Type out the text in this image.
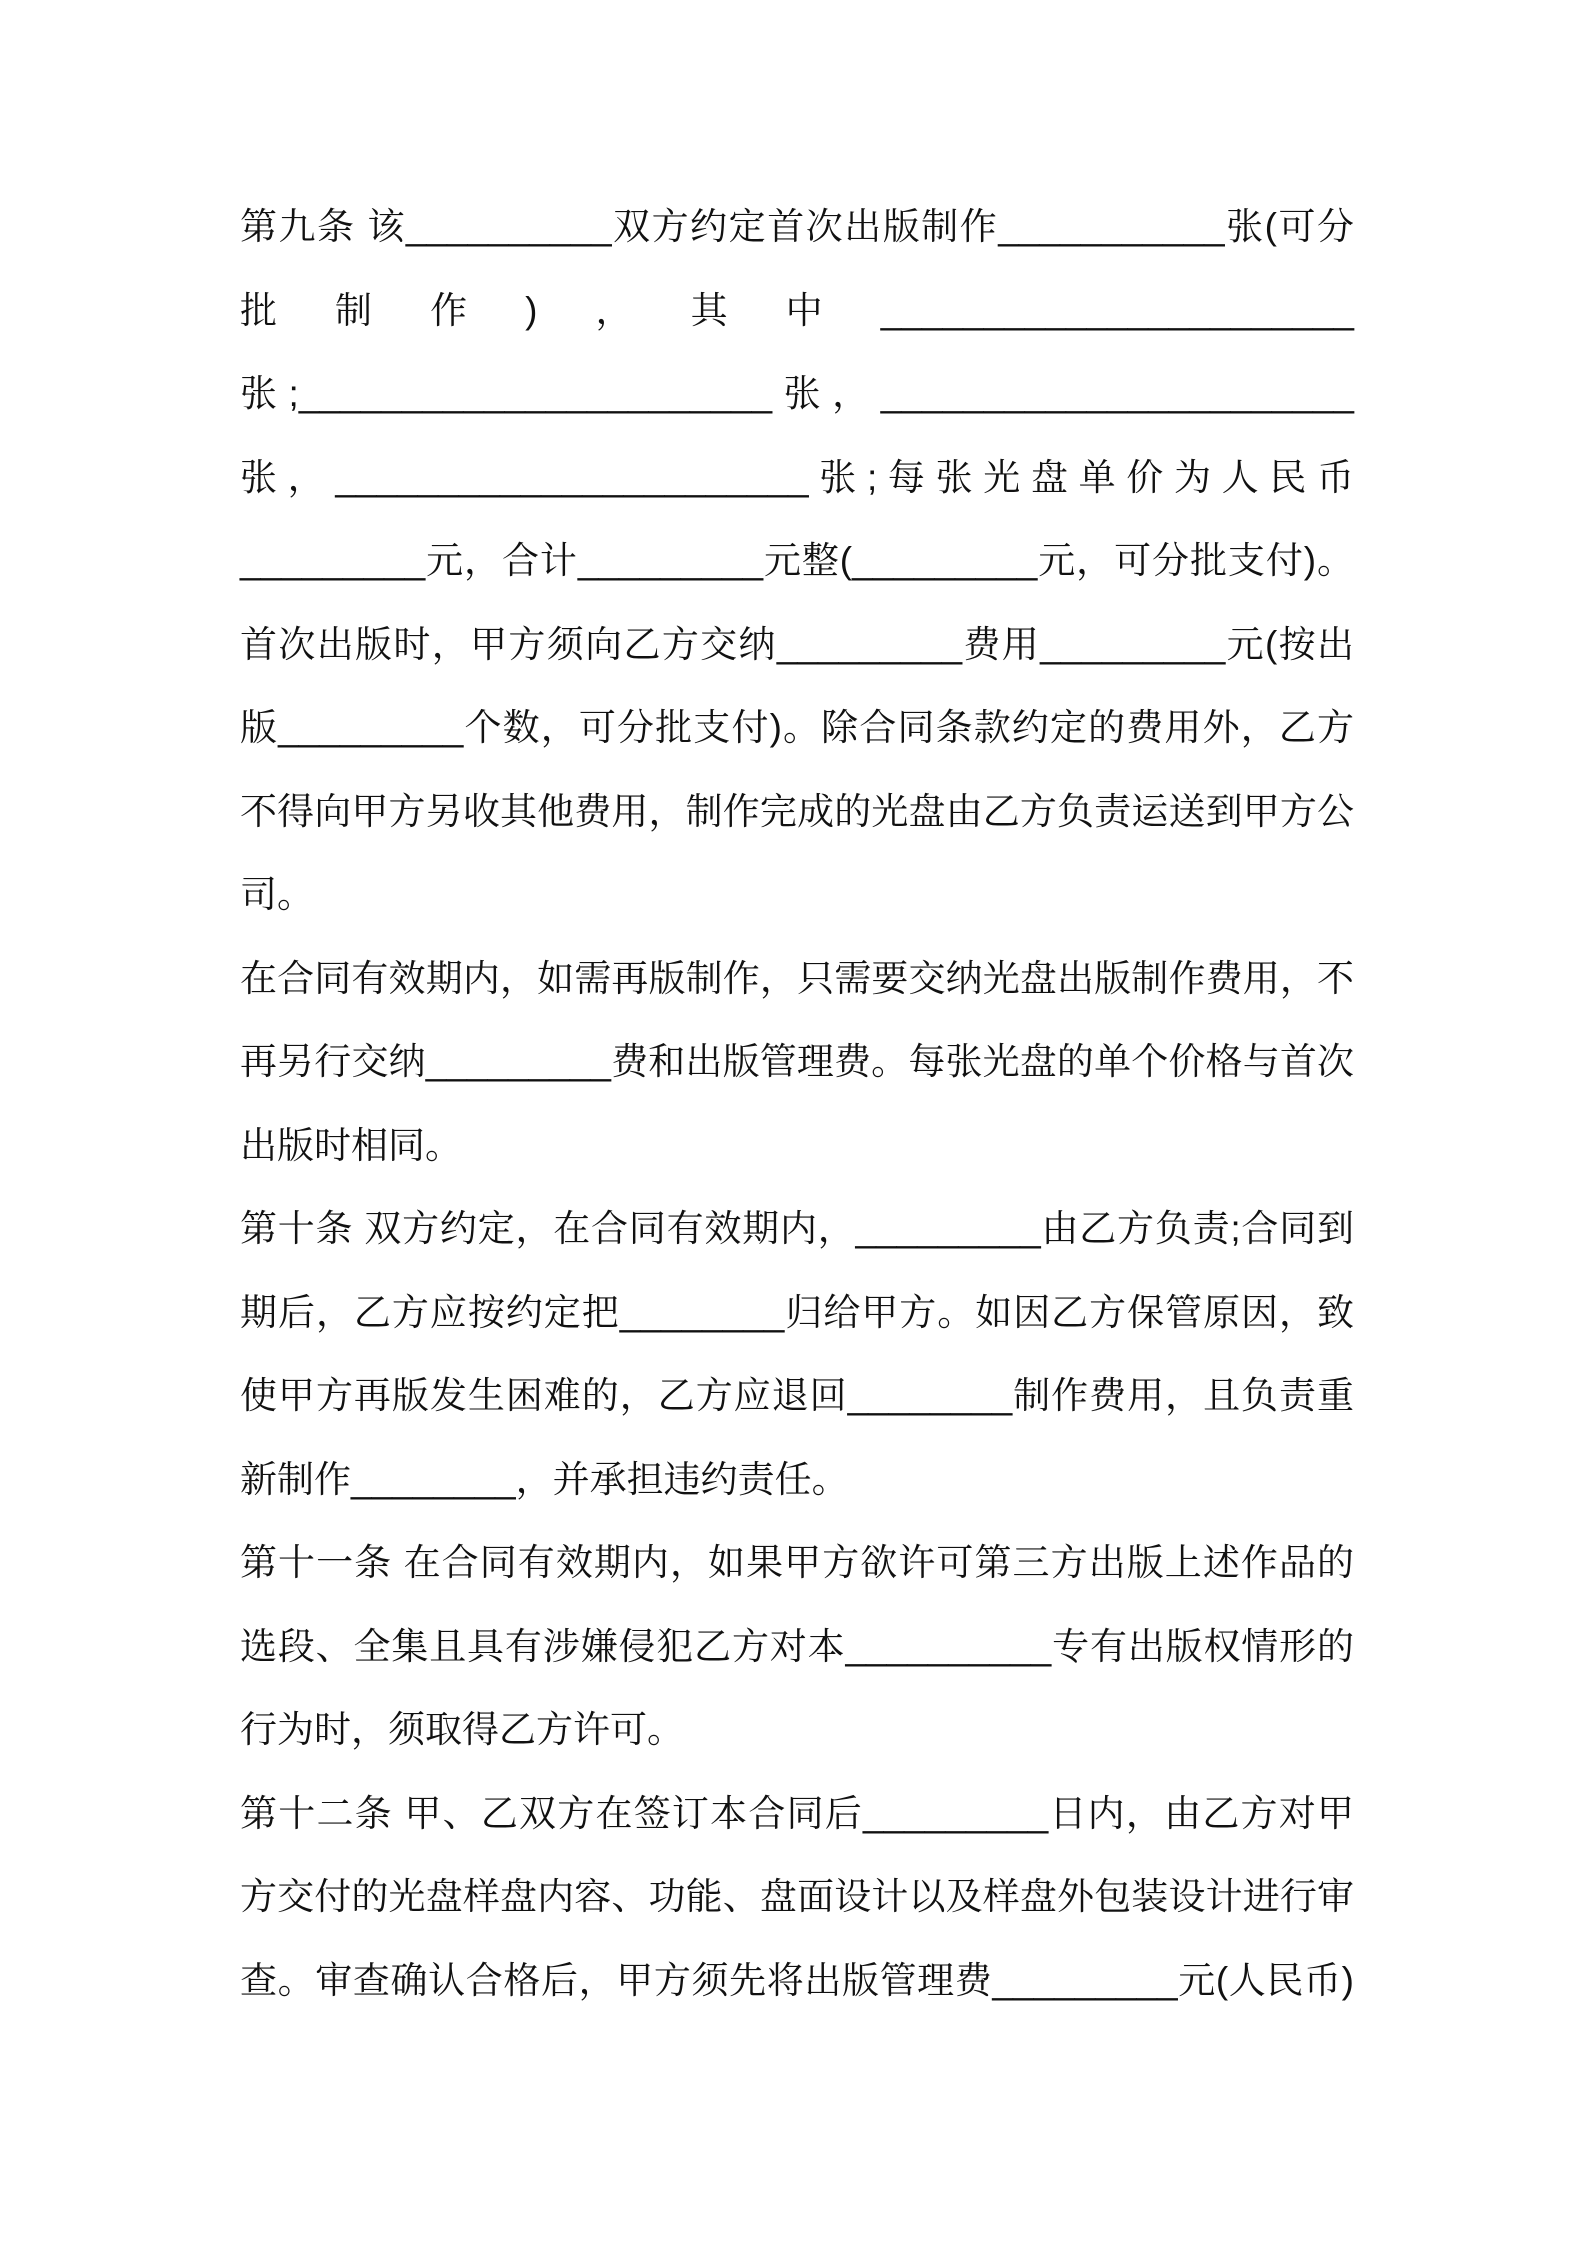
第九条 该__________双方约定首次出版制作___________张(可分
批制作)，其中_______________________
张;_______________________张，_______________________
张，_______________________张;每张光盘单价为人民币
_________元，合计_________元整(_________元，可分批支付)。
首次出版时，甲方须向乙方交纳_________费用_________元(按出
版_________个数，可分批支付)。除合同条款约定的费用外，乙方
不得向甲方另收其他费用，制作完成的光盘由乙方负责运送到甲方公
司。
在合同有效期内，如需再版制作，只需要交纳光盘出版制作费用，不
再另行交纳_________费和出版管理费。每张光盘的单个价格与首次
出版时相同。
第十条 双方约定，在合同有效期内，_________由乙方负责;合同到
期后，乙方应按约定把________归给甲方。如因乙方保管原因，致
使甲方再版发生困难的，乙方应退回________制作费用，且负责重
新制作________，并承担违约责任。
第十一条 在合同有效期内，如果甲方欲许可第三方出版上述作品的
选段、全集且具有涉嫌侵犯乙方对本__________专有出版权情形的
行为时，须取得乙方许可。
第十二条 甲、乙双方在签订本合同后_________日内，由乙方对甲
方交付的光盘样盘内容、功能、盘面设计以及样盘外包装设计进行审
查。审查确认合格后，甲方须先将出版管理费_________元(人民币)
